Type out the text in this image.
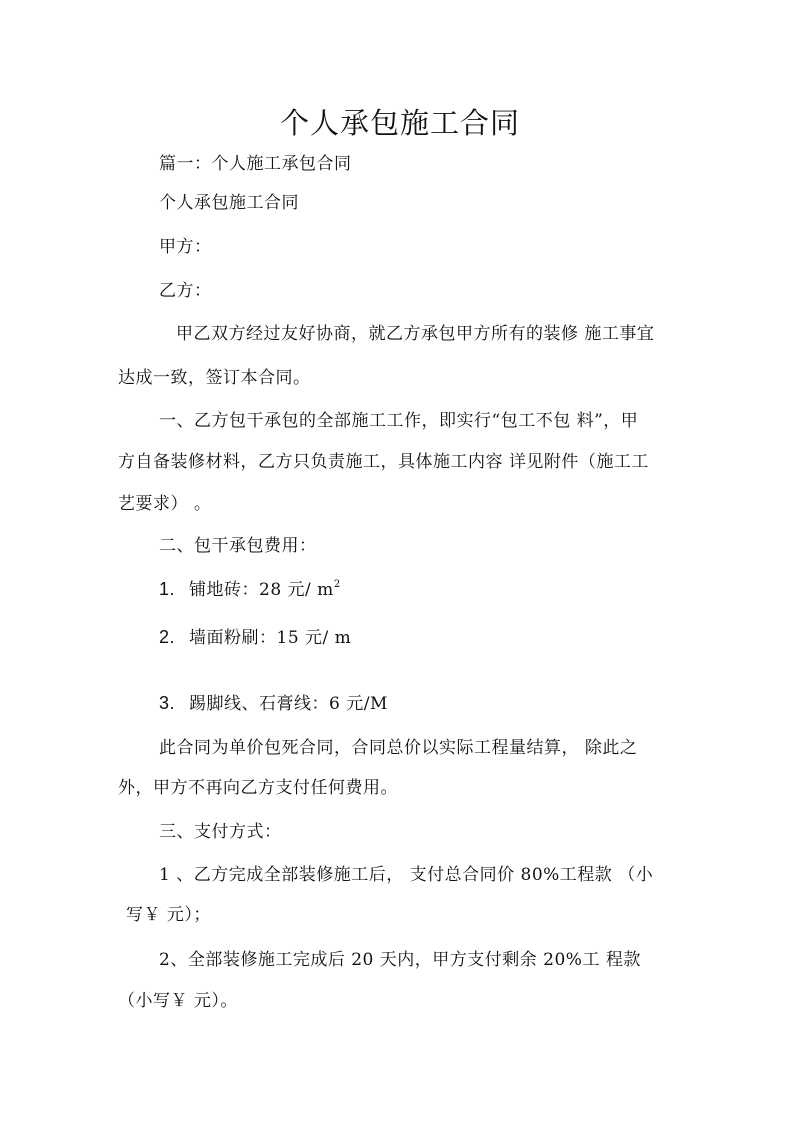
个人承包施工合同
篇一：个人施工承包合同
个人承包施工合同
甲方：
乙方：
甲乙双方经过友好协商，就乙方承包甲方所有的装修 施工事宜
达成一致，签订本合同。
一、乙方包干承包的全部施工工作，即实行“包工不包 料”，甲
方自备装修材料，乙方只负责施工，具体施工内容 详见附件（施工工
艺要求） 。
二、包干承包费用：
1. 铺地砖：28 元/ $m^2$
2. 墙面粉刷：15 元/ m
3. 踢脚线、石膏线：6 元/M
此合同为单价包死合同，合同总价以实际工程量结算， 除此之
外，甲方不再向乙方支付任何费用。
三、支付方式：
1 、乙方完成全部装修施工后， 支付总合同价 80%工程款 （小
写￥ 元）；
2、全部装修施工完成后 20 天内，甲方支付剩余 20%工 程款
（小写￥ 元）。
